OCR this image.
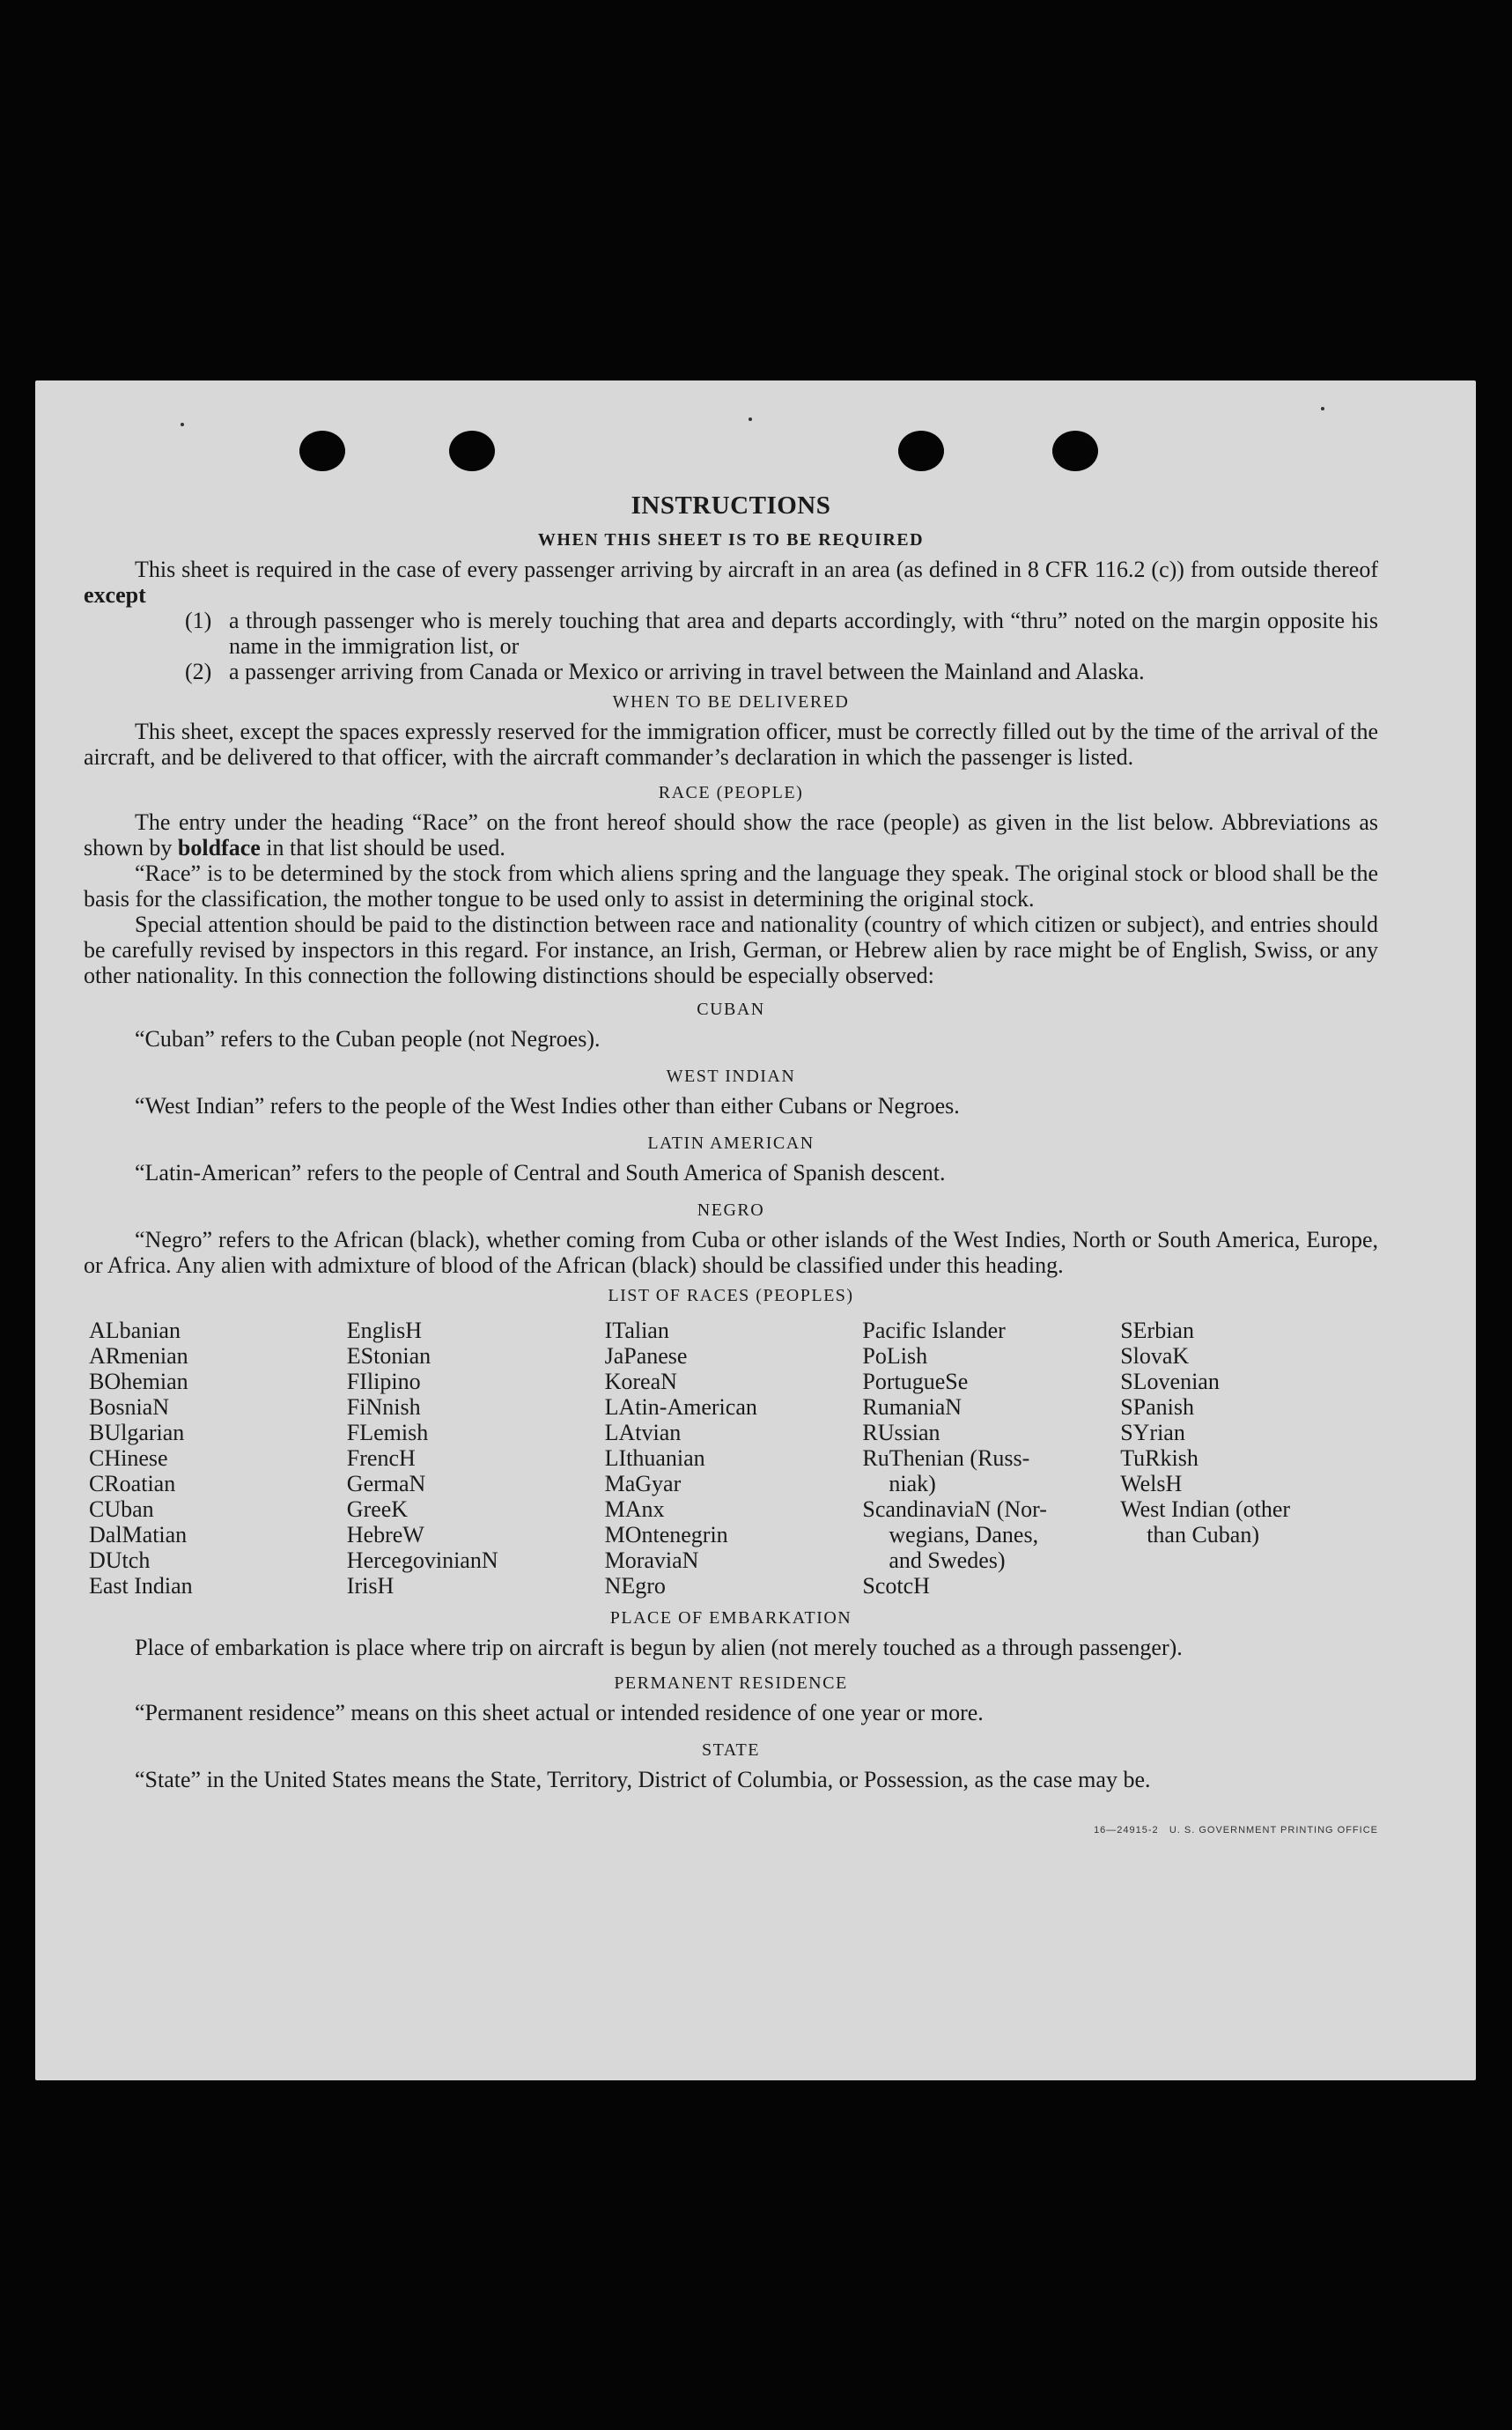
INSTRUCTIONS
WHEN THIS SHEET IS TO BE REQUIRED

This sheet is required in the case of every passenger arriving by aircraft in an area (as defined in 8 CFR 116.2 (c)) from outside thereof except

(1) a through passenger who is merely touching that area and departs accordingly, with “thru” noted on the margin opposite his name in the immigration list, or
(2) a passenger arriving from Canada or Mexico or arriving in travel between the Mainland and Alaska.
WHEN TO BE DELIVERED

This sheet, except the spaces expressly reserved for the immigration officer, must be correctly filled out by the time of the arrival of the aircraft, and be delivered to that officer, with the aircraft commander’s declaration in which the passenger is listed.

RACE (PEOPLE)

The entry under the heading “Race” on the front hereof should show the race (people) as given in the list below. Abbreviations as shown by boldface in that list should be used.

“Race” is to be determined by the stock from which aliens spring and the language they speak. The original stock or blood shall be the basis for the classification, the mother tongue to be used only to assist in determining the original stock.

Special attention should be paid to the distinction between race and nationality (country of which citizen or subject), and entries should be carefully revised by inspectors in this regard. For instance, an Irish, German, or Hebrew alien by race might be of English, Swiss, or any other nationality. In this connection the following distinctions should be especially observed:

CUBAN

“Cuban” refers to the Cuban people (not Negroes).

WEST INDIAN

“West Indian” refers to the people of the West Indies other than either Cubans or Negroes.

LATIN AMERICAN

“Latin-American” refers to the people of Central and South America of Spanish descent.

NEGRO

“Negro” refers to the African (black), whether coming from Cuba or other islands of the West Indies, North or South America, Europe, or Africa. Any alien with admixture of blood of the African (black) should be classified under this heading.

LIST OF RACES (PEOPLES)
ALbanian
ARmenian
BOhemian
BosniaN
BUlgarian
CHinese
CRoatian
CUban
DalMatian
DUtch
East Indian
EnglisH
EStonian
FIlipino
FiNnish
FLemish
FrencH
GermaN
GreeK
HebreW
HercegovinianN
IrisH
ITalian
JaPanese
KoreaN
LAtin-American
LAtvian
LIthuanian
MaGyar
MAnx
MOntenegrin
MoraviaN
NEgro
Pacific Islander
PoLish
PortugueSe
RumaniaN
RUssian
RuThenian (Russ-
niak)
ScandinaviaN (Nor-
wegians, Danes,
and Swedes)
ScotcH
SErbian
SlovaK
SLovenian
SPanish
SYrian
TuRkish
WelsH
West Indian (other
than Cuban)
PLACE OF EMBARKATION

Place of embarkation is place where trip on aircraft is begun by alien (not merely touched as a through passenger).

PERMANENT RESIDENCE

“Permanent residence” means on this sheet actual or intended residence of one year or more.

STATE

“State” in the United States means the State, Territory, District of Columbia, or Possession, as the case may be.

16—24915-2 U. S. GOVERNMENT PRINTING OFFICE
